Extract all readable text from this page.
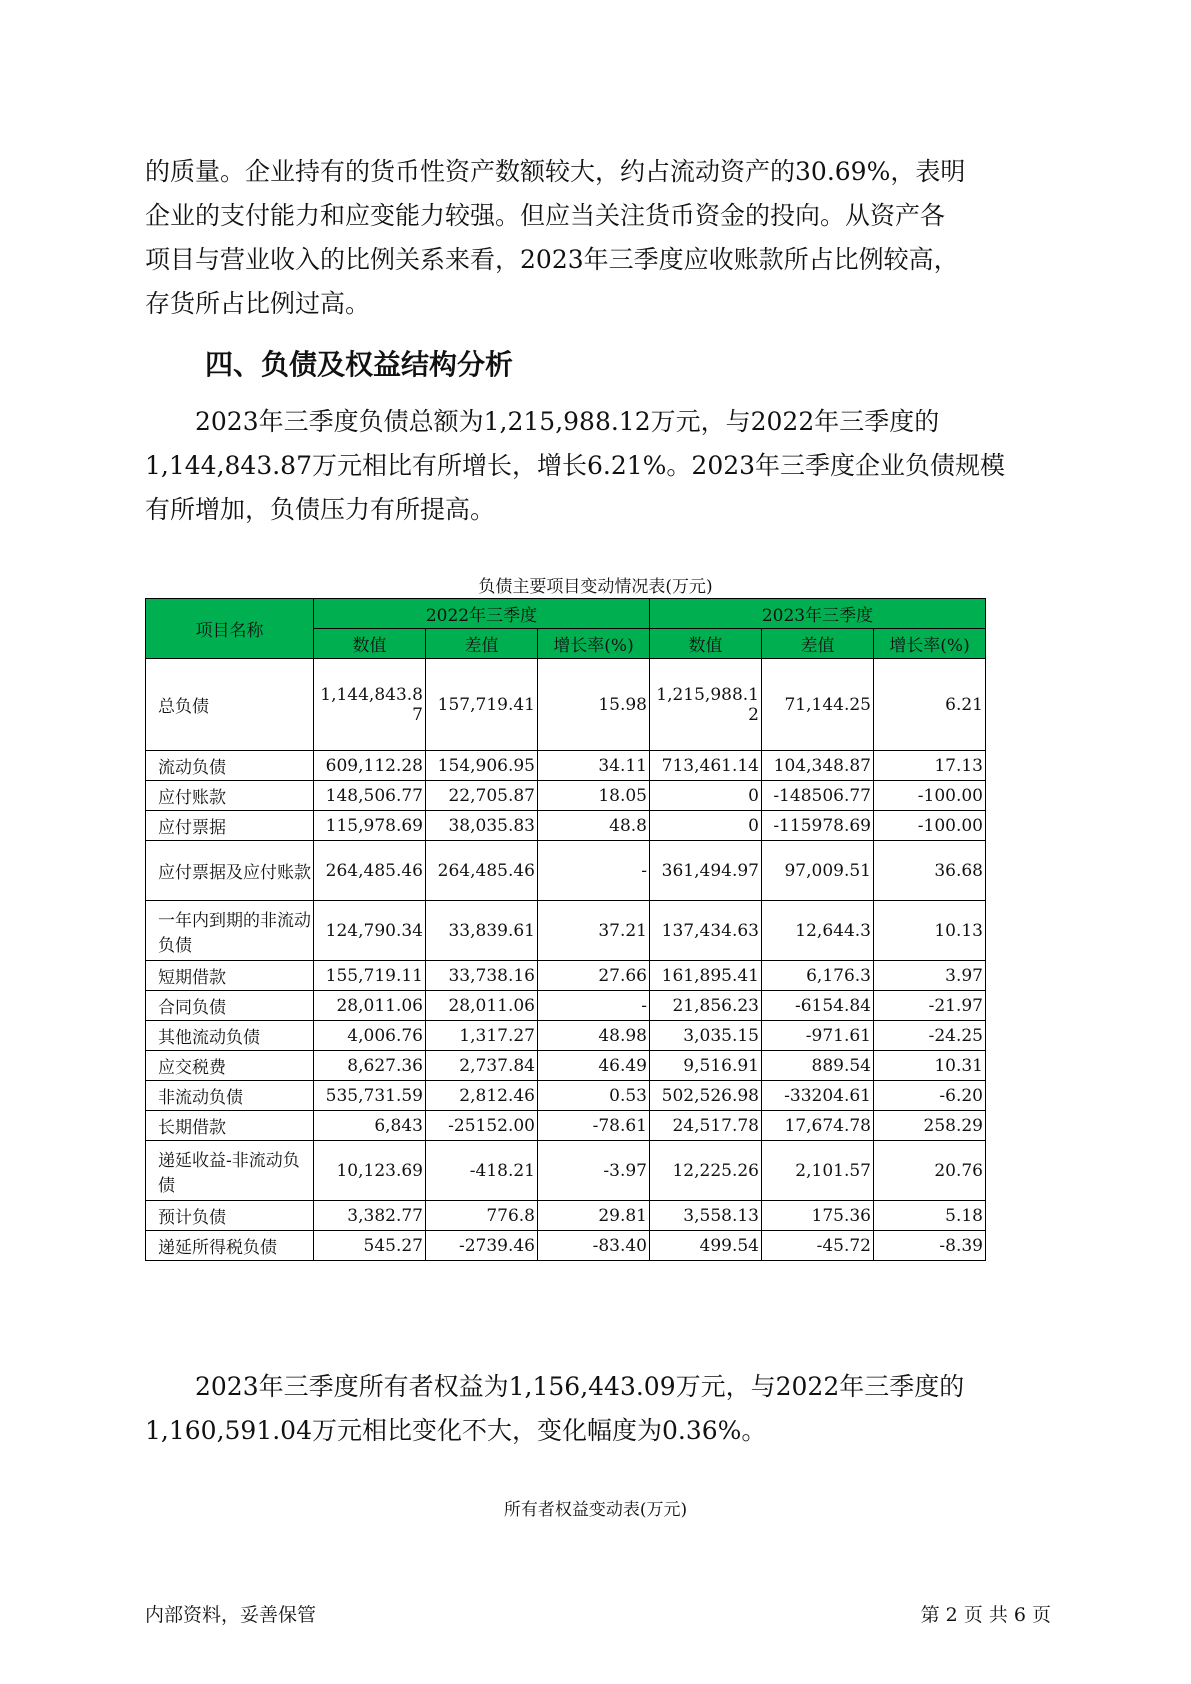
的质量。企业持有的货币性资产数额较大，约占流动资产的30.69%，表明
企业的支付能力和应变能力较强。但应当关注货币资金的投向。从资产各
项目与营业收入的比例关系来看，2023年三季度应收账款所占比例较高，
存货所占比例过高。

四、负债及权益结构分析

2023年三季度负债总额为1,215,988.12万元，与2022年三季度的
1,144,843.87万元相比有所增长，增长6.21%。2023年三季度企业负债规模
有所增加，负债压力有所提高。

负债主要项目变动情况表(万元)

项目名称	2022年三季度			2023年三季度		
	数值	差值	增长率(%)	数值	差值	增长率(%)
总负债	1,144,843.87	157,719.41	15.98	1,215,988.12	71,144.25	6.21
流动负债	609,112.28	154,906.95	34.11	713,461.14	104,348.87	17.13
应付账款	148,506.77	22,705.87	18.05	0	-148506.77	-100.00
应付票据	115,978.69	38,035.83	48.8	0	-115978.69	-100.00
应付票据及应付账款	264,485.46	264,485.46	-	361,494.97	97,009.51	36.68
一年内到期的非流动负债	124,790.34	33,839.61	37.21	137,434.63	12,644.3	10.13
短期借款	155,719.11	33,738.16	27.66	161,895.41	6,176.3	3.97
合同负债	28,011.06	28,011.06	-	21,856.23	-6154.84	-21.97
其他流动负债	4,006.76	1,317.27	48.98	3,035.15	-971.61	-24.25
应交税费	8,627.36	2,737.84	46.49	9,516.91	889.54	10.31
非流动负债	535,731.59	2,812.46	0.53	502,526.98	-33204.61	-6.20
长期借款	6,843	-25152.00	-78.61	24,517.78	17,674.78	258.29
递延收益-非流动负债	10,123.69	-418.21	-3.97	12,225.26	2,101.57	20.76
预计负债	3,382.77	776.8	29.81	3,558.13	175.36	5.18
递延所得税负债	545.27	-2739.46	-83.40	499.54	-45.72	-8.39

2023年三季度所有者权益为1,156,443.09万元，与2022年三季度的
1,160,591.04万元相比变化不大，变化幅度为0.36%。

所有者权益变动表(万元)

内部资料，妥善保管	第 2 页 共 6 页
